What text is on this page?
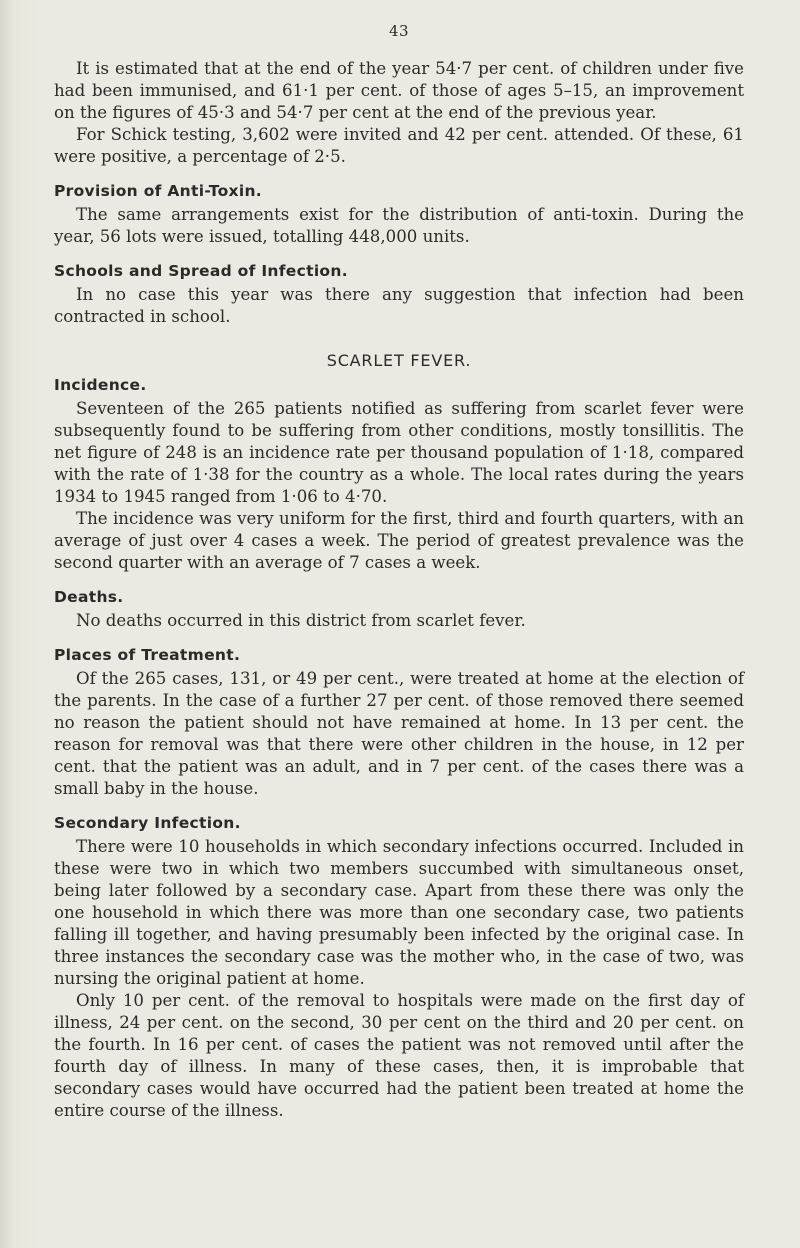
43

It is estimated that at the end of the year 54·7 per cent. of children under five had been immunised, and 61·1 per cent. of those of ages 5–15, an improvement on the figures of 45·3 and 54·7 per cent at the end of the previous year.

For Schick testing, 3,602 were invited and 42 per cent. attended. Of these, 61 were positive, a percentage of 2·5.

Provision of Anti-Toxin.

The same arrangements exist for the distribution of anti-toxin. During the year, 56 lots were issued, totalling 448,000 units.

Schools and Spread of Infection.

In no case this year was there any suggestion that infection had been contracted in school.

SCARLET FEVER.
Incidence.

Seventeen of the 265 patients notified as suffering from scarlet fever were subsequently found to be suffering from other conditions, mostly tonsillitis. The net figure of 248 is an incidence rate per thousand population of 1·18, compared with the rate of 1·38 for the country as a whole. The local rates during the years 1934 to 1945 ranged from 1·06 to 4·70.

The incidence was very uniform for the first, third and fourth quarters, with an average of just over 4 cases a week. The period of greatest prevalence was the second quarter with an average of 7 cases a week.

Deaths.

No deaths occurred in this district from scarlet fever.

Places of Treatment.

Of the 265 cases, 131, or 49 per cent., were treated at home at the election of the parents. In the case of a further 27 per cent. of those removed there seemed no reason the patient should not have remained at home. In 13 per cent. the reason for removal was that there were other children in the house, in 12 per cent. that the patient was an adult, and in 7 per cent. of the cases there was a small baby in the house.

Secondary Infection.

There were 10 households in which secondary infections occurred. Included in these were two in which two members succumbed with simultaneous onset, being later followed by a secondary case. Apart from these there was only the one household in which there was more than one secondary case, two patients falling ill together, and having presumably been infected by the original case. In three instances the secondary case was the mother who, in the case of two, was nursing the original patient at home.

Only 10 per cent. of the removal to hospitals were made on the first day of illness, 24 per cent. on the second, 30 per cent on the third and 20 per cent. on the fourth. In 16 per cent. of cases the patient was not removed until after the fourth day of illness. In many of these cases, then, it is improbable that secondary cases would have occurred had the patient been treated at home the entire course of the illness.
